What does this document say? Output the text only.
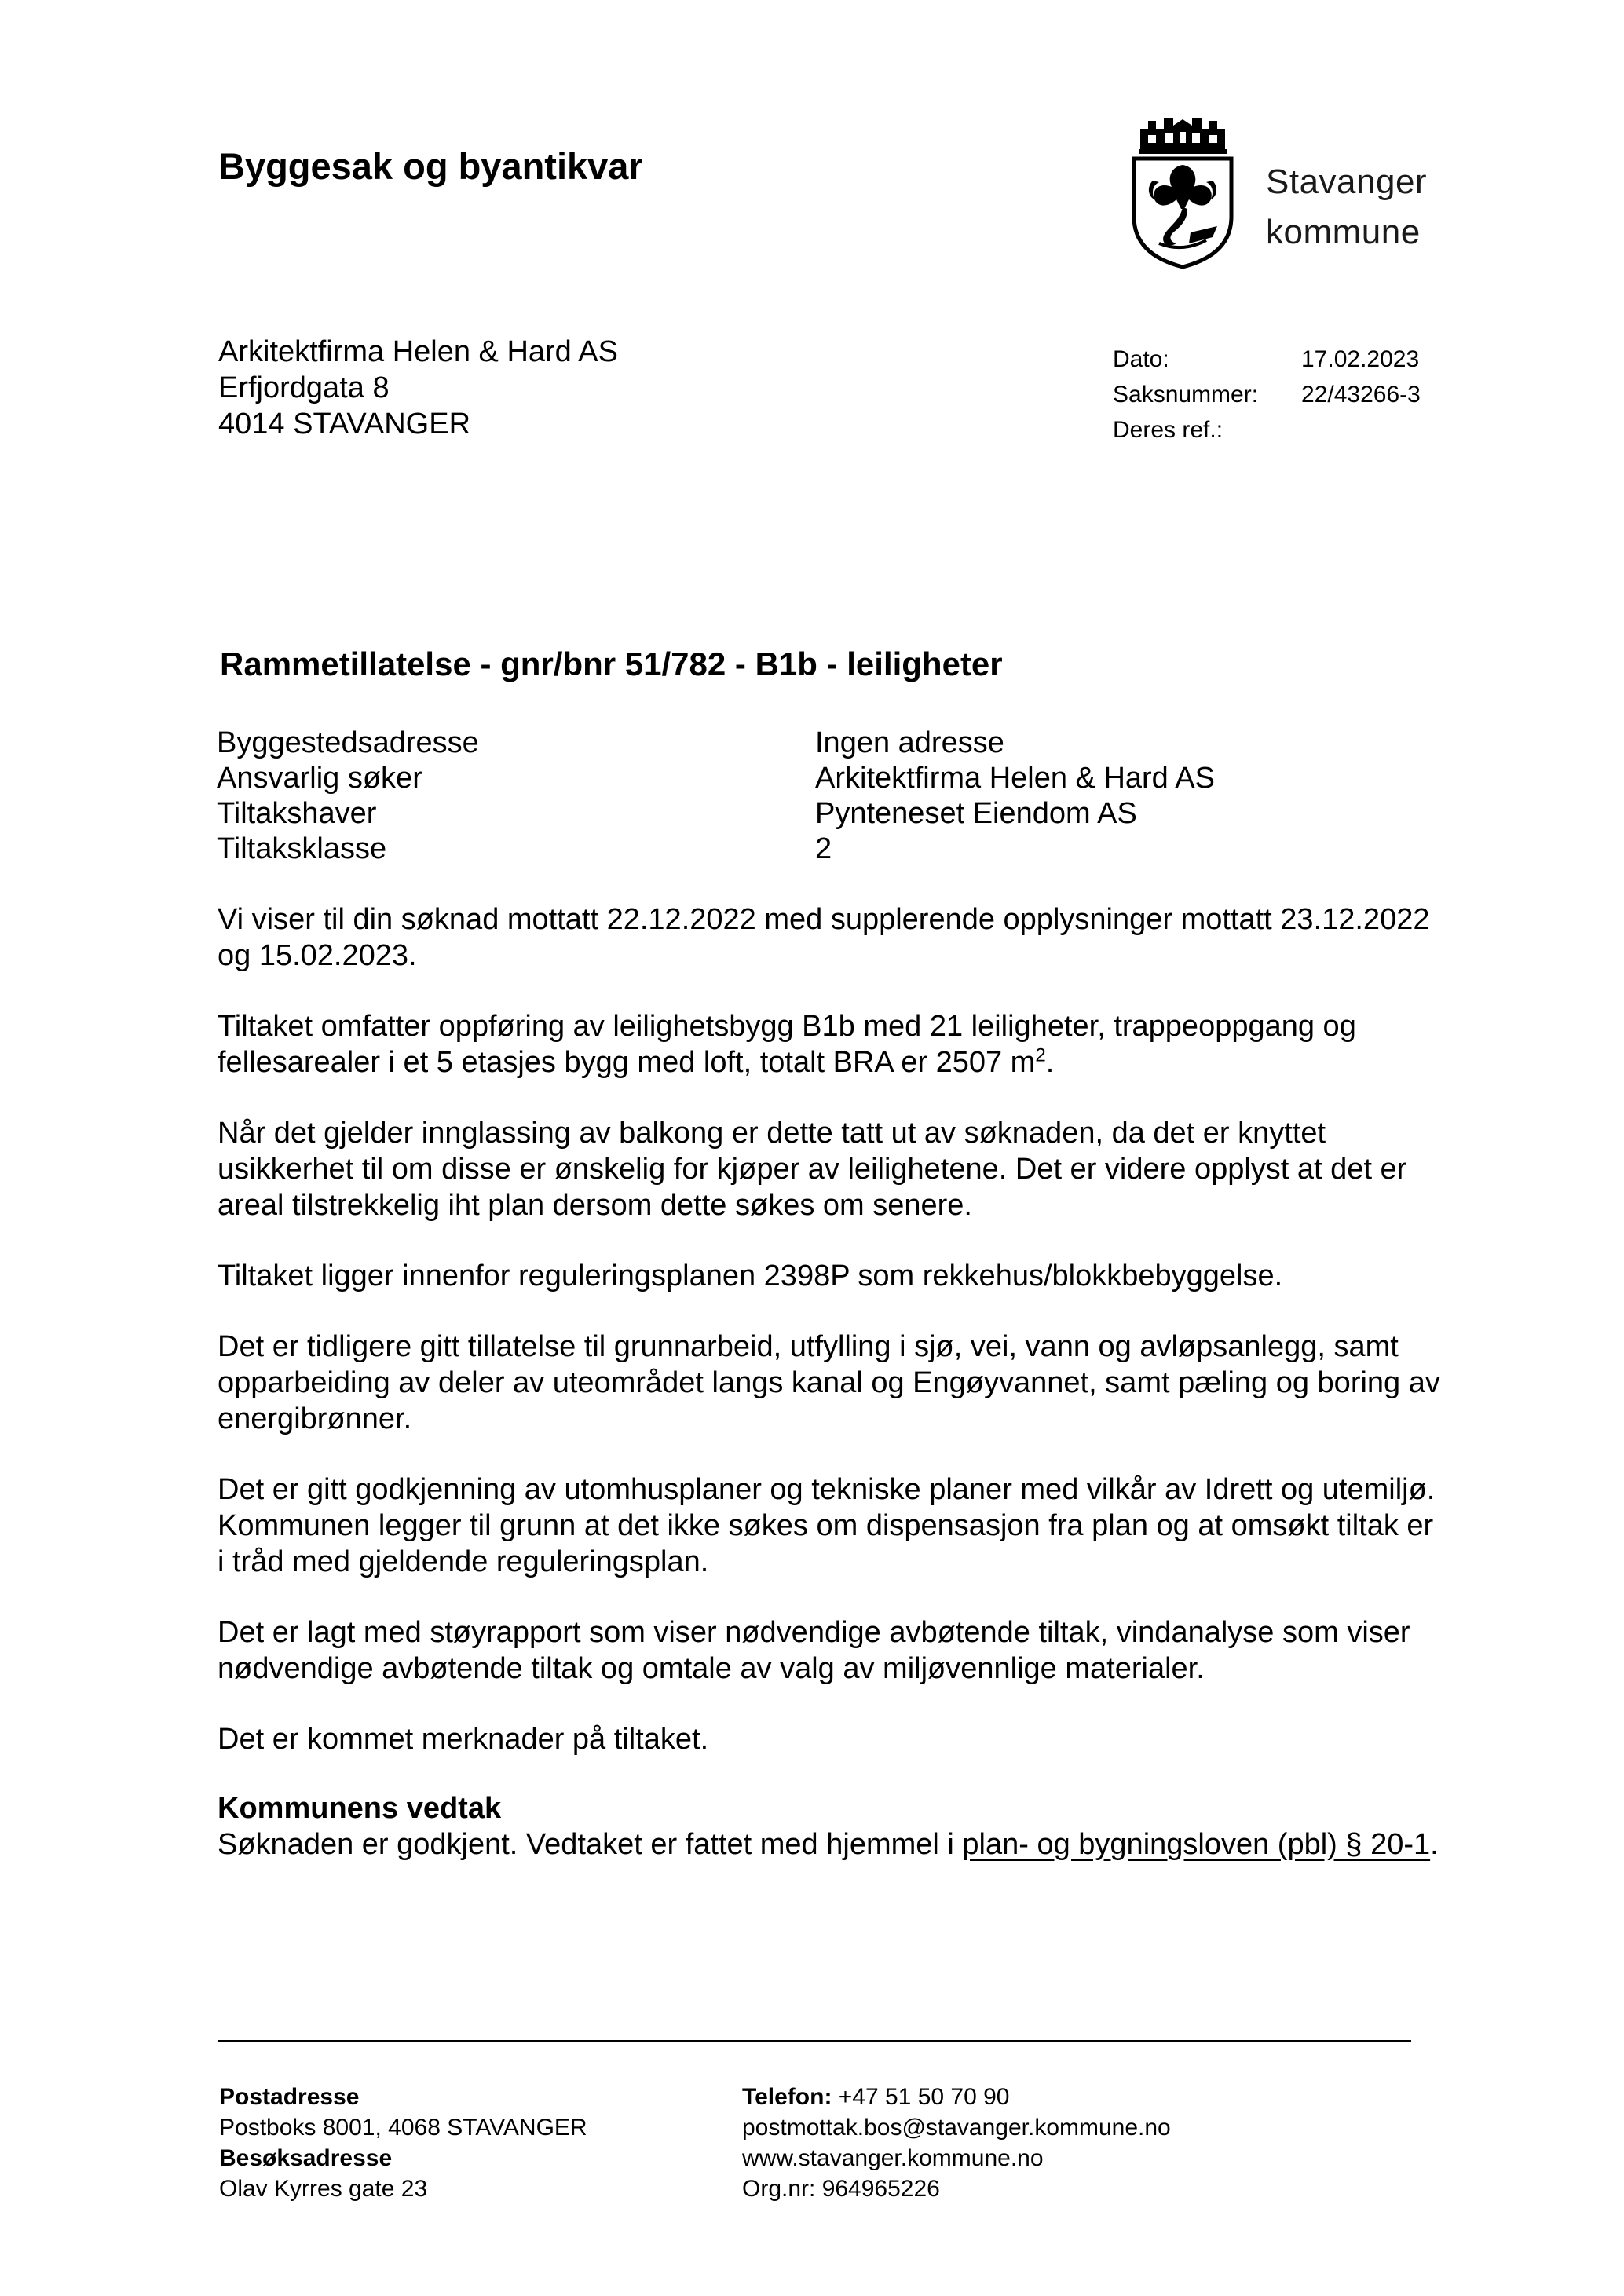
Byggesak og byantikvar	Stavanger
kommune
Arkitektfirma Helen & Hard AS
Erfjordgata 8
4014 STAVANGER
Dato:	17.02.2023
Saksnummer:	22/43266-3
Deres ref.:
Rammetillatelse - gnr/bnr 51/782 - B1b - leiligheter
Byggestedsadresse	Ingen adresse
Ansvarlig søker	Arkitektfirma Helen & Hard AS
Tiltakshaver	Pynteneset Eiendom AS
Tiltaksklasse	2

Vi viser til din søknad mottatt 22.12.2022 med supplerende opplysninger mottatt 23.12.2022 og 15.02.2023.

Tiltaket omfatter oppføring av leilighetsbygg B1b med 21 leiligheter, trappeoppgang og fellesarealer i et 5 etasjes bygg med loft, totalt BRA er 2507 $m^2$.

Når det gjelder innglassing av balkong er dette tatt ut av søknaden, da det er knyttet usikkerhet til om disse er ønskelig for kjøper av leilighetene. Det er videre opplyst at det er areal tilstrekkelig iht plan dersom dette søkes om senere.

Tiltaket ligger innenfor reguleringsplanen 2398P som rekkehus/blokkbebyggelse.

Det er tidligere gitt tillatelse til grunnarbeid, utfylling i sjø, vei, vann og avløpsanlegg, samt opparbeiding av deler av uteområdet langs kanal og Engøyvannet, samt pæling og boring av energibrønner.

Det er gitt godkjenning av utomhusplaner og tekniske planer med vilkår av Idrett og utemiljø. Kommunen legger til grunn at det ikke søkes om dispensasjon fra plan og at omsøkt tiltak er i tråd med gjeldende reguleringsplan.

Det er lagt med støyrapport som viser nødvendige avbøtende tiltak, vindanalyse som viser nødvendige avbøtende tiltak og omtale av valg av miljøvennlige materialer.

Det er kommet merknader på tiltaket.

Kommunens vedtak

Søknaden er godkjent. Vedtaket er fattet med hjemmel i plan- og bygningsloven (pbl) § 20-1.

Postadresse
Postboks 8001, 4068 STAVANGER
Besøksadresse
Olav Kyrres gate 23
Telefon: +47 51 50 70 90
postmottak.bos@stavanger.kommune.no
www.stavanger.kommune.no
Org.nr: 964965226
